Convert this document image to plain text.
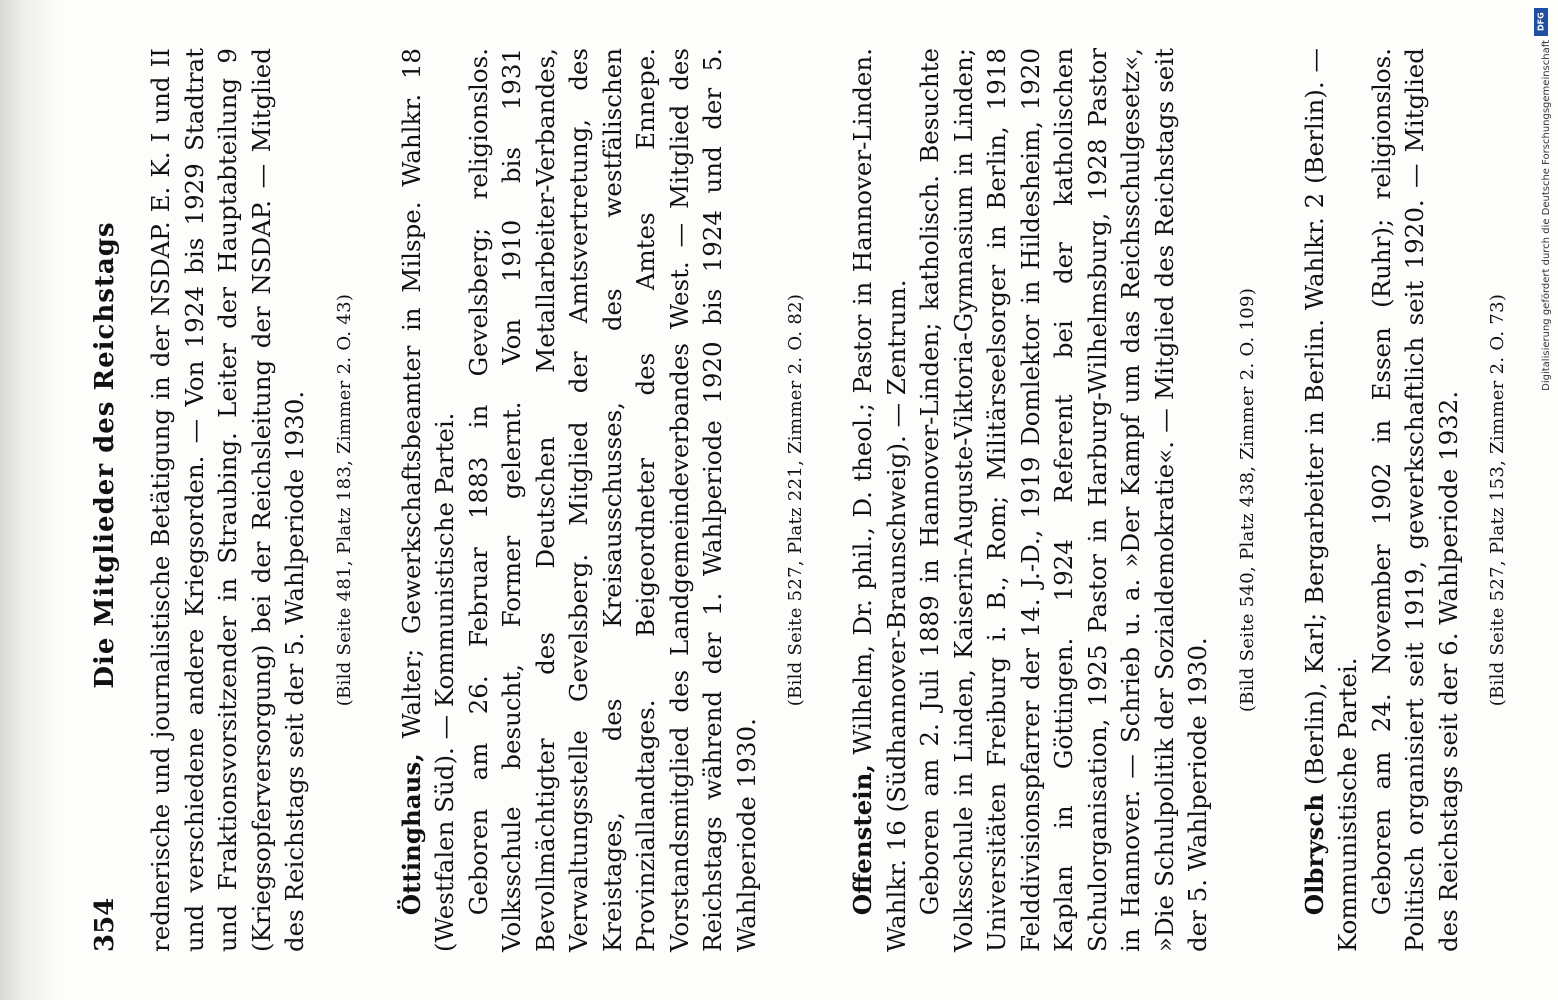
354
Die Mitglieder des Reichstags rednerische und journalistische Betätigung in der NSDAP. E. K. I und II und verschiedene andere Kriegsorden. — Von 1924 bis 1929 Stadtrat und Fraktionsvorsitzender in Straubing. Leiter der Hauptabteilung 9 (Kriegsopferversorgung) bei der Reichsleitung der NSDAP. — Mitglied des Reichstags seit der 5. Wahlperiode 1930. (Bild Seite 481, Platz 183, Zimmer 2. O. 43)

Öttinghaus, Walter; Gewerkschaftsbeamter in Milspe. Wahlkr. 18 (Westfalen Süd). — Kommunistische Partei. Geboren am 26. Februar 1883 in Gevelsberg; religionslos. Volksschule besucht, Former gelernt. Von 1910 bis 1931 Bevollmächtigter des Deutschen Metallarbeiter-Verbandes, Verwaltungsstelle Gevelsberg. Mitglied der Amtsvertretung, des Kreistages, des Kreisausschusses, des westfälischen Provinziallandtages. Beigeordneter des Amtes Ennepe. Vorstandsmitglied des Landgemeindeverbandes West. — Mitglied des Reichstags während der 1. Wahlperiode 1920 bis 1924 und der 5. Wahlperiode 1930.

(Bild Seite 527, Platz 221, Zimmer 2. O. 82)

Offenstein, Wilhelm, Dr. phil., D. theol.; Pastor in Hannover-Linden. Wahlkr. 16 (Südhannover-Braunschweig). — Zentrum. Geboren am 2. Juli 1889 in Hannover-Linden; katholisch. Besuchte Volksschule in Linden, Kaiserin-Auguste-Viktoria-Gymnasium in Linden; Universitäten Freiburg i. B., Rom; Militärseelsorger in Berlin, 1918 Felddivisionspfarrer der 14. J.-D., 1919 Domlektor in Hildesheim, 1920 Kaplan in Göttingen. 1924 Referent bei der katholischen Schulorganisation, 1925 Pastor in Harburg-Wilhelmsburg, 1928 Pastor in Hannover. — Schrieb u. a. »Der Kampf um das Reichsschulgesetz«, »Die Schulpolitik der Sozialdemokratie«. — Mitglied des Reichstags seit der 5. Wahlperiode 1930.

(Bild Seite 540, Platz 438, Zimmer 2. O. 109)

Olbrysch (Berlin), Karl; Bergarbeiter in Berlin. Wahlkr. 2 (Berlin). — Kommunistische Partei. Geboren am 24. November 1902 in Essen (Ruhr); religionslos. Politisch organisiert seit 1919, gewerkschaftlich seit 1920. — Mitglied des Reichstags seit der 6. Wahlperiode 1932. (Bild Seite 527, Platz 153, Zimmer 2. O. 73)
DFG
Digitalisierung gefördert durch die Deutsche Forschungsgemeinschaft
